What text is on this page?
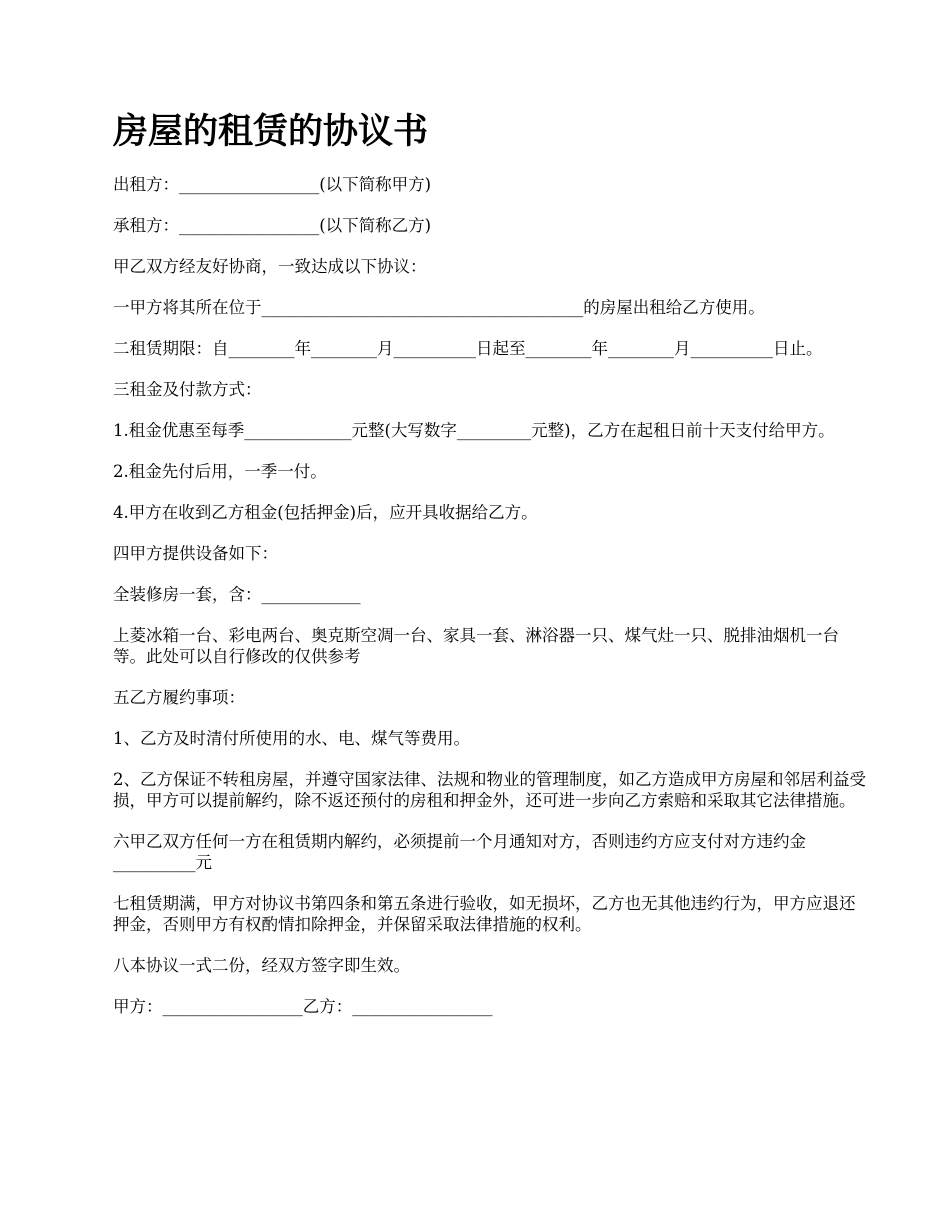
房屋的租赁的协议书

出租方：_________________(以下简称甲方)

承租方：_________________(以下简称乙方)

甲乙双方经友好协商，一致达成以下协议：

一甲方将其所在位于_______________________________________的房屋出租给乙方使用。

二租赁期限：自________年________月__________日起至________年________月__________日止。

三租金及付款方式：

1.租金优惠至每季_____________元整(大写数字_________元整)，乙方在起租日前十天支付给甲方。

2.租金先付后用，一季一付。

4.甲方在收到乙方租金(包括押金)后，应开具收据给乙方。

四甲方提供设备如下：

全装修房一套，含：____________

上菱冰箱一台、彩电两台、奥克斯空凋一台、家具一套、淋浴器一只、煤气灶一只、脱排油烟机一台等。此处可以自行修改的仅供参考

五乙方履约事项：

1、乙方及时清付所使用的水、电、煤气等费用。

2、乙方保证不转租房屋，并遵守国家法律、法规和物业的管理制度，如乙方造成甲方房屋和邻居利益受损，甲方可以提前解约，除不返还预付的房租和押金外，还可进一步向乙方索赔和采取其它法律措施。

六甲乙双方任何一方在租赁期内解约，必须提前一个月通知对方，否则违约方应支付对方违约金__________元

七租赁期满，甲方对协议书第四条和第五条进行验收，如无损坏，乙方也无其他违约行为，甲方应退还押金，否则甲方有权酌情扣除押金，并保留采取法律措施的权利。

八本协议一式二份，经双方签字即生效。

甲方：_________________乙方：_________________
